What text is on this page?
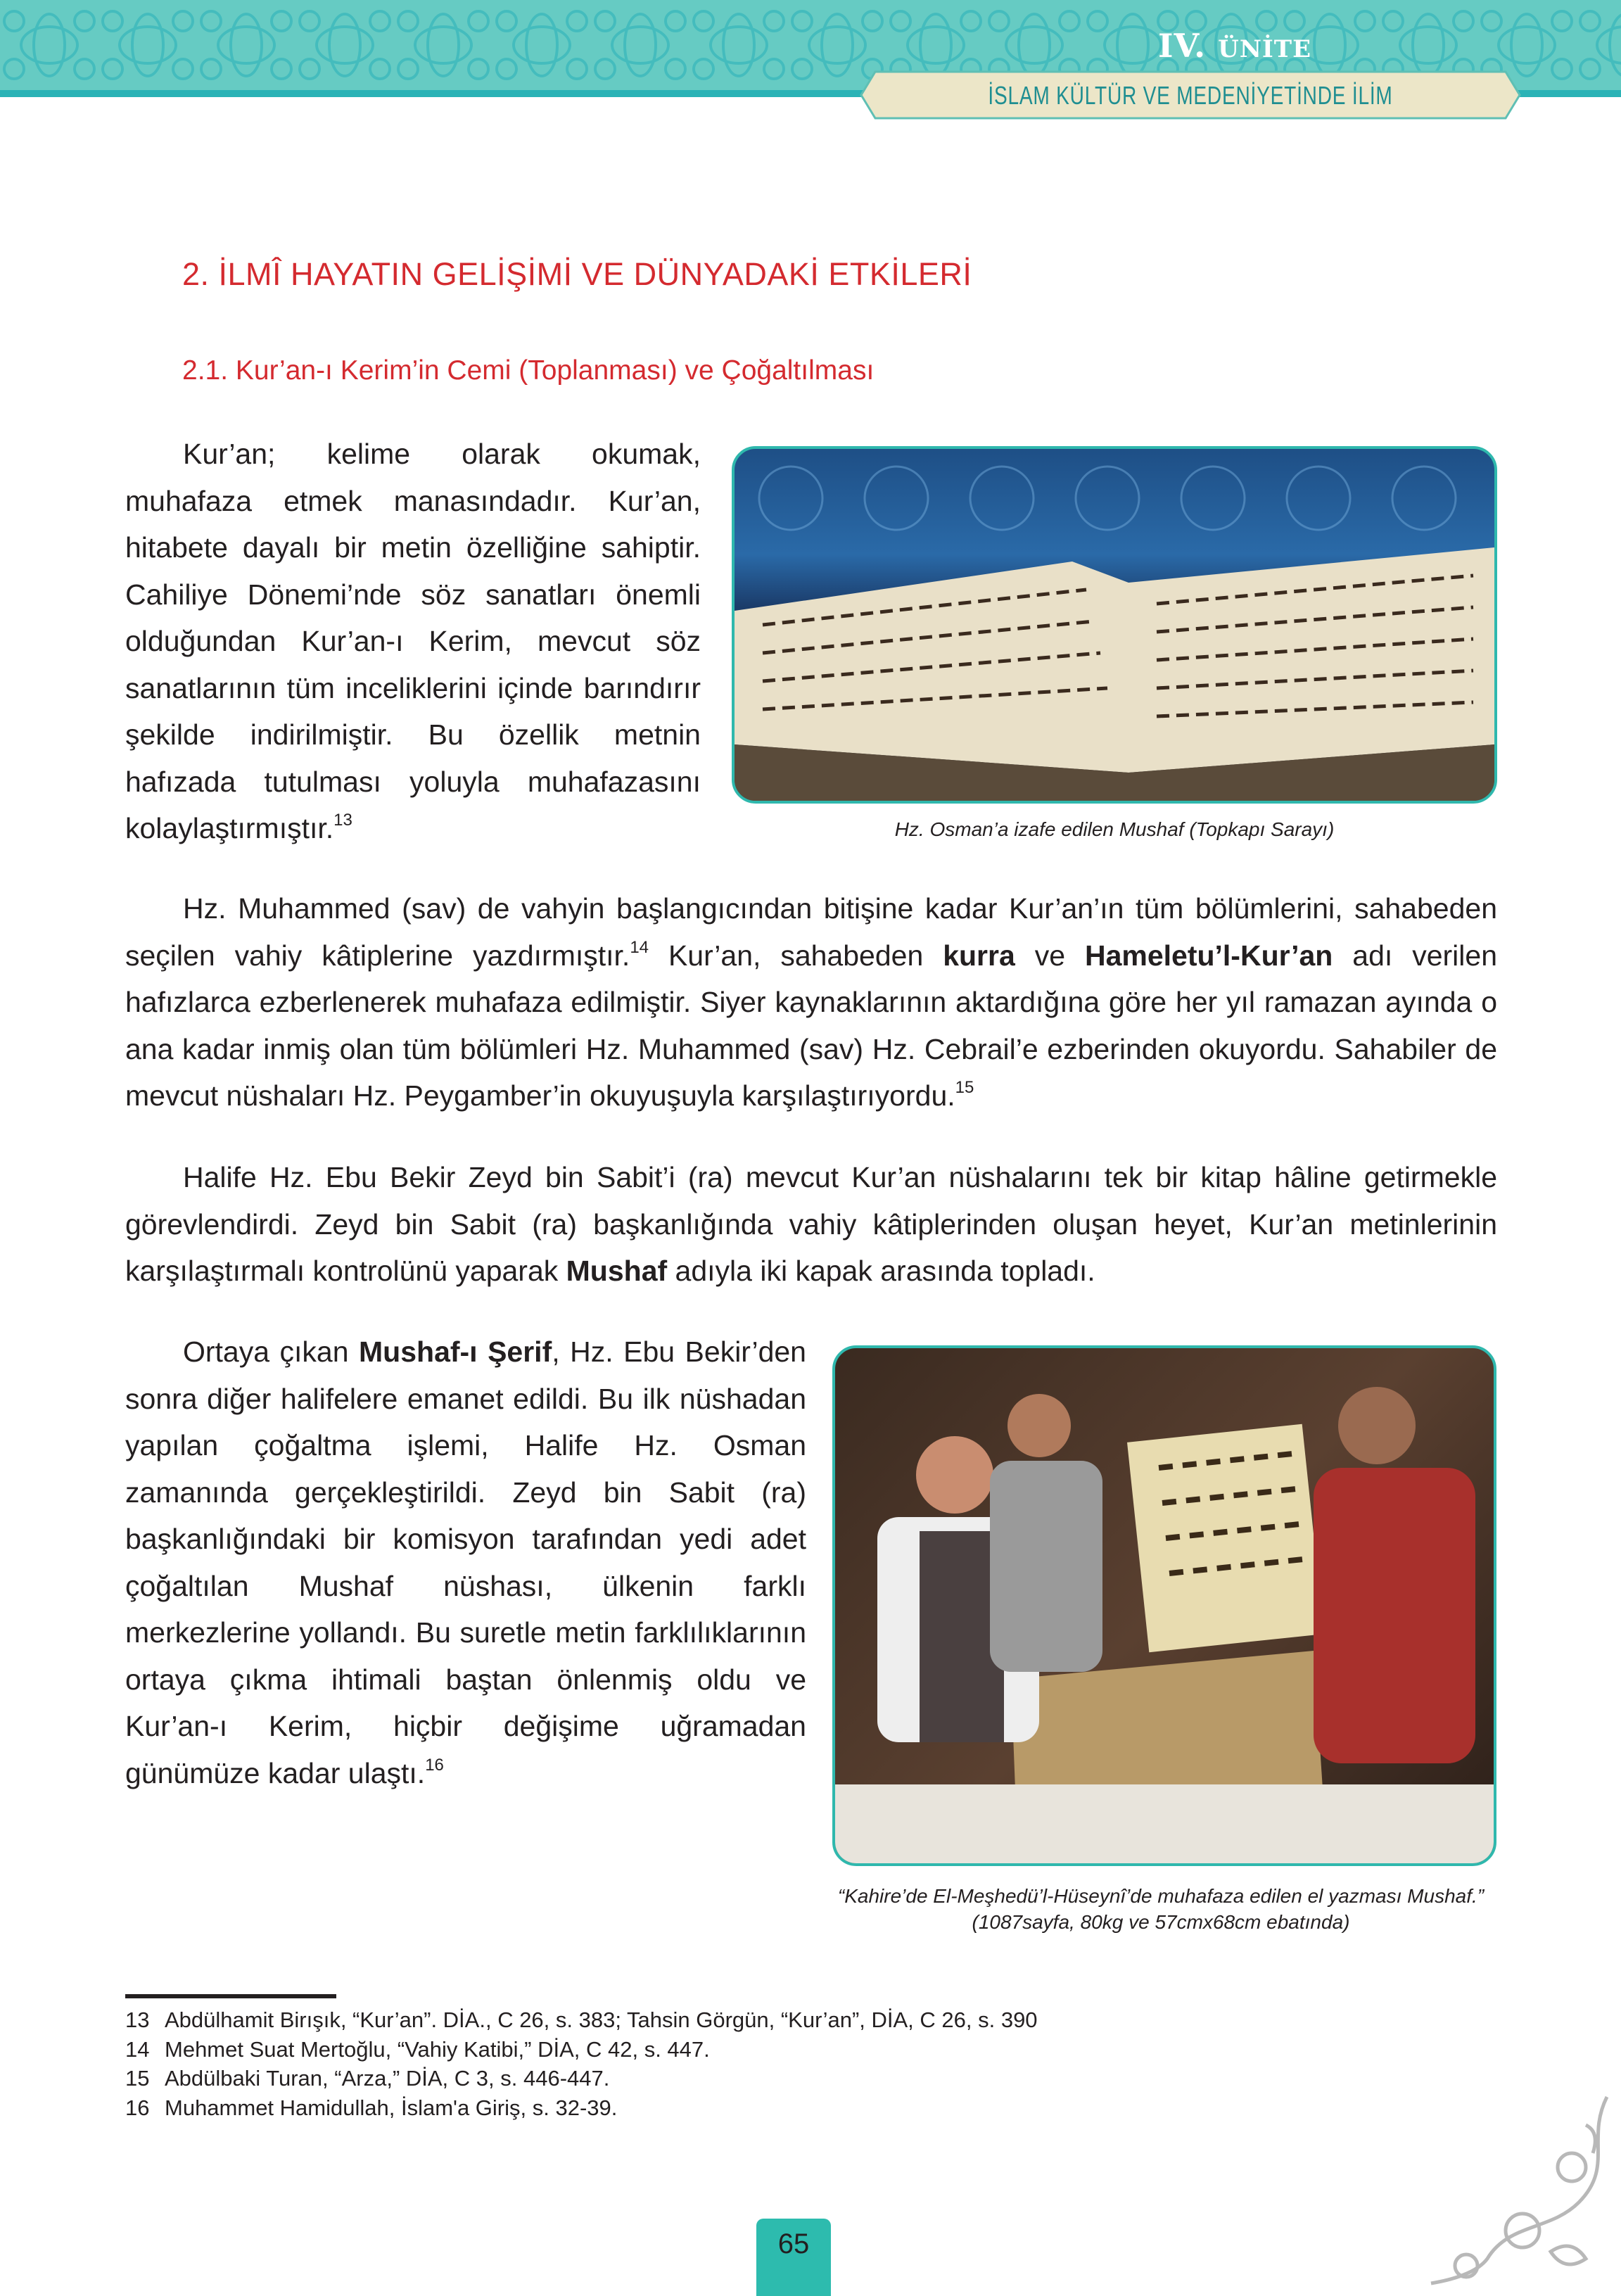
IV. ÜNİTE
İSLAM KÜLTÜR VE MEDENİYETİNDE İLİM
2. İLMÎ HAYATIN GELİŞİMİ VE DÜNYADAKİ ETKİLERİ
2.1. Kur’an-ı Kerim’in Cemi (Toplanması) ve Çoğaltılması

Kur’an; kelime olarak okumak, muhafaza etmek manasındadır. Kur’an, hitabete dayalı bir metin özelliğine sahiptir. Cahiliye Dönemi’nde söz sanatları önemli olduğundan Kur’an-ı Kerim, mevcut söz sanatlarının tüm inceliklerini içinde barındırır şekilde indirilmiştir. Bu özellik metnin hafızada tutulması yoluyla muhafazasını kolaylaştırmıştır.$^{13}$

Hz. Muhammed (sav) de vahyin başlangıcından bitişine kadar Kur’an’ın tüm bölümlerini, sahabeden seçilen vahiy kâtiplerine yazdırmıştır.$^{14}$ Kur’an, sahabeden kurra ve Hameletu’l-Kur’an adı verilen hafızlarca ezberlenerek muhafaza edilmiştir. Siyer kaynaklarının aktardığına göre her yıl ramazan ayında o ana kadar inmiş olan tüm bölümleri Hz. Muhammed (sav) Hz. Cebrail’e ezberinden okuyordu. Sahabiler de mevcut nüshaları Hz. Peygamber’in okuyuşuyla karşılaştırıyordu.$^{15}$

Halife Hz. Ebu Bekir Zeyd bin Sabit’i (ra) mevcut Kur’an nüshalarını tek bir kitap hâline getirmekle görevlendirdi. Zeyd bin Sabit (ra) başkanlığında vahiy kâtiplerinden oluşan heyet, Kur’an metinlerinin karşılaştırmalı kontrolünü yaparak Mushaf adıyla iki kapak arasında topladı.

Ortaya çıkan Mushaf-ı Şerif, Hz. Ebu Bekir’den sonra diğer halifelere emanet edildi. Bu ilk nüshadan yapılan çoğaltma işlemi, Halife Hz. Osman zamanında gerçekleştirildi. Zeyd bin Sabit (ra) başkanlığındaki bir komisyon tarafından yedi adet çoğaltılan Mushaf nüshası, ülkenin farklı merkezlerine yollandı. Bu suretle metin farklılıklarının ortaya çıkma ihtimali baştan önlenmiş oldu ve Kur’an-ı Kerim, hiçbir değişime uğramadan günümüze kadar ulaştı.$^{16}$

Hz. Osman’a izafe edilen Mushaf (Topkapı Sarayı)
“Kahire’de El-Meşhedü’l-Hüseynî’de muhafaza edilen el yazması Mushaf.”
(1087sayfa, 80kg ve 57cmx68cm ebatında)
13 Abdülhamit Birışık, “Kur’an”. DİA., C 26, s. 383; Tahsin Görgün, “Kur’an”, DİA, C 26, s. 390
14 Mehmet Suat Mertoğlu, “Vahiy Katibi,” DİA, C 42, s. 447.
15 Abdülbaki Turan, “Arza,” DİA, C 3, s. 446-447.
16 Muhammet Hamidullah, İslam'a Giriş, s. 32-39.
65
